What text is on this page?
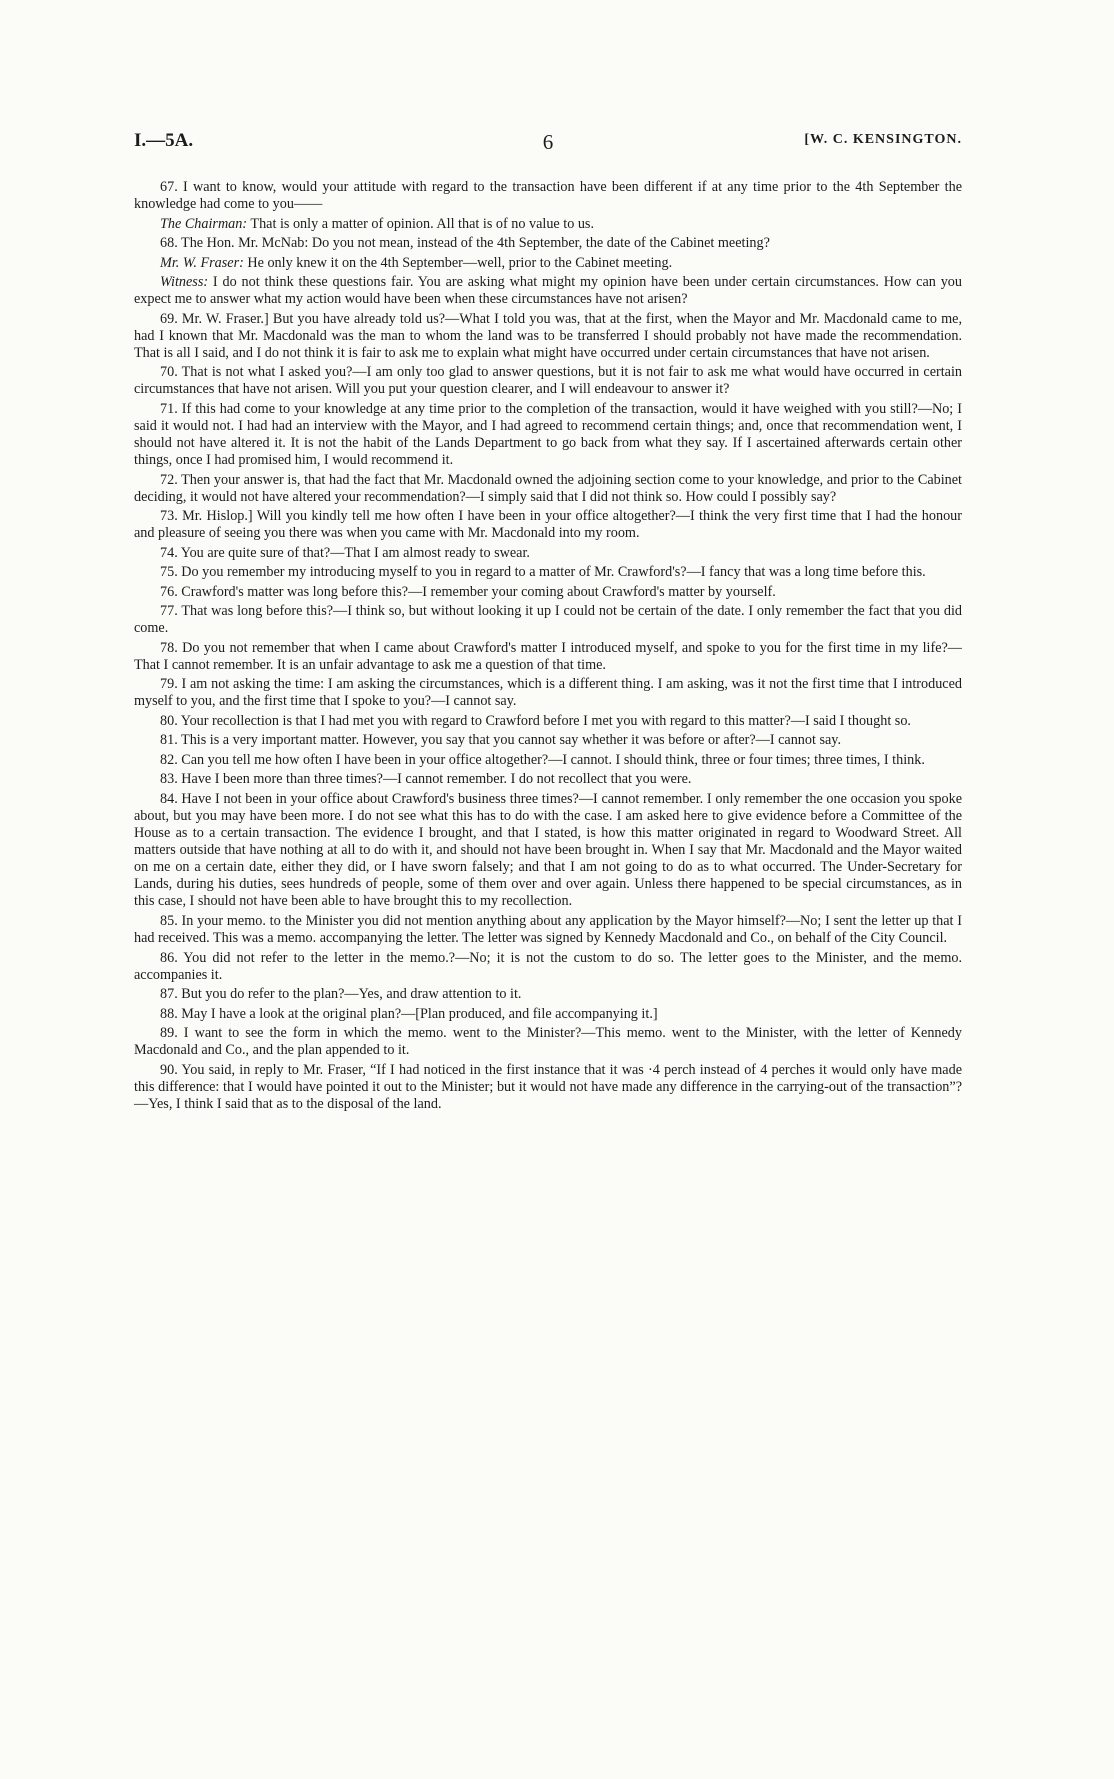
I.—5A.	6	[W. C. KENSINGTON.

67. I want to know, would your attitude with regard to the transaction have been different if at any time prior to the 4th September the knowledge had come to you——

The Chairman: That is only a matter of opinion. All that is of no value to us.

68. The Hon. Mr. McNab: Do you not mean, instead of the 4th September, the date of the Cabinet meeting?

Mr. W. Fraser: He only knew it on the 4th September—well, prior to the Cabinet meeting.

Witness: I do not think these questions fair. You are asking what might my opinion have been under certain circumstances. How can you expect me to answer what my action would have been when these circumstances have not arisen?

69. Mr. W. Fraser.] But you have already told us?—What I told you was, that at the first, when the Mayor and Mr. Macdonald came to me, had I known that Mr. Macdonald was the man to whom the land was to be transferred I should probably not have made the recommendation. That is all I said, and I do not think it is fair to ask me to explain what might have occurred under certain circumstances that have not arisen.

70. That is not what I asked you?—I am only too glad to answer questions, but it is not fair to ask me what would have occurred in certain circumstances that have not arisen. Will you put your question clearer, and I will endeavour to answer it?

71. If this had come to your knowledge at any time prior to the completion of the transaction, would it have weighed with you still?—No; I said it would not. I had had an interview with the Mayor, and I had agreed to recommend certain things; and, once that recommendation went, I should not have altered it. It is not the habit of the Lands Department to go back from what they say. If I ascertained afterwards certain other things, once I had promised him, I would recommend it.

72. Then your answer is, that had the fact that Mr. Macdonald owned the adjoining section come to your knowledge, and prior to the Cabinet deciding, it would not have altered your recommendation?—I simply said that I did not think so. How could I possibly say?

73. Mr. Hislop.] Will you kindly tell me how often I have been in your office altogether?—I think the very first time that I had the honour and pleasure of seeing you there was when you came with Mr. Macdonald into my room.

74. You are quite sure of that?—That I am almost ready to swear.

75. Do you remember my introducing myself to you in regard to a matter of Mr. Crawford's?—I fancy that was a long time before this.

76. Crawford's matter was long before this?—I remember your coming about Crawford's matter by yourself.

77. That was long before this?—I think so, but without looking it up I could not be certain of the date. I only remember the fact that you did come.

78. Do you not remember that when I came about Crawford's matter I introduced myself, and spoke to you for the first time in my life?—That I cannot remember. It is an unfair advantage to ask me a question of that time.

79. I am not asking the time: I am asking the circumstances, which is a different thing. I am asking, was it not the first time that I introduced myself to you, and the first time that I spoke to you?—I cannot say.

80. Your recollection is that I had met you with regard to Crawford before I met you with regard to this matter?—I said I thought so.

81. This is a very important matter. However, you say that you cannot say whether it was before or after?—I cannot say.

82. Can you tell me how often I have been in your office altogether?—I cannot. I should think, three or four times; three times, I think.

83. Have I been more than three times?—I cannot remember. I do not recollect that you were.

84. Have I not been in your office about Crawford's business three times?—I cannot remember. I only remember the one occasion you spoke about, but you may have been more. I do not see what this has to do with the case. I am asked here to give evidence before a Committee of the House as to a certain transaction. The evidence I brought, and that I stated, is how this matter originated in regard to Woodward Street. All matters outside that have nothing at all to do with it, and should not have been brought in. When I say that Mr. Macdonald and the Mayor waited on me on a certain date, either they did, or I have sworn falsely; and that I am not going to do as to what occurred. The Under-Secretary for Lands, during his duties, sees hundreds of people, some of them over and over again. Unless there happened to be special circumstances, as in this case, I should not have been able to have brought this to my recollection.

85. In your memo. to the Minister you did not mention anything about any application by the Mayor himself?—No; I sent the letter up that I had received. This was a memo. accompanying the letter. The letter was signed by Kennedy Macdonald and Co., on behalf of the City Council.

86. You did not refer to the letter in the memo.?—No; it is not the custom to do so. The letter goes to the Minister, and the memo. accompanies it.

87. But you do refer to the plan?—Yes, and draw attention to it.

88. May I have a look at the original plan?—[Plan produced, and file accompanying it.]

89. I want to see the form in which the memo. went to the Minister?—This memo. went to the Minister, with the letter of Kennedy Macdonald and Co., and the plan appended to it.

90. You said, in reply to Mr. Fraser, “If I had noticed in the first instance that it was ·4 perch instead of 4 perches it would only have made this difference: that I would have pointed it out to the Minister; but it would not have made any difference in the carrying-out of the transaction”?—Yes, I think I said that as to the disposal of the land.
